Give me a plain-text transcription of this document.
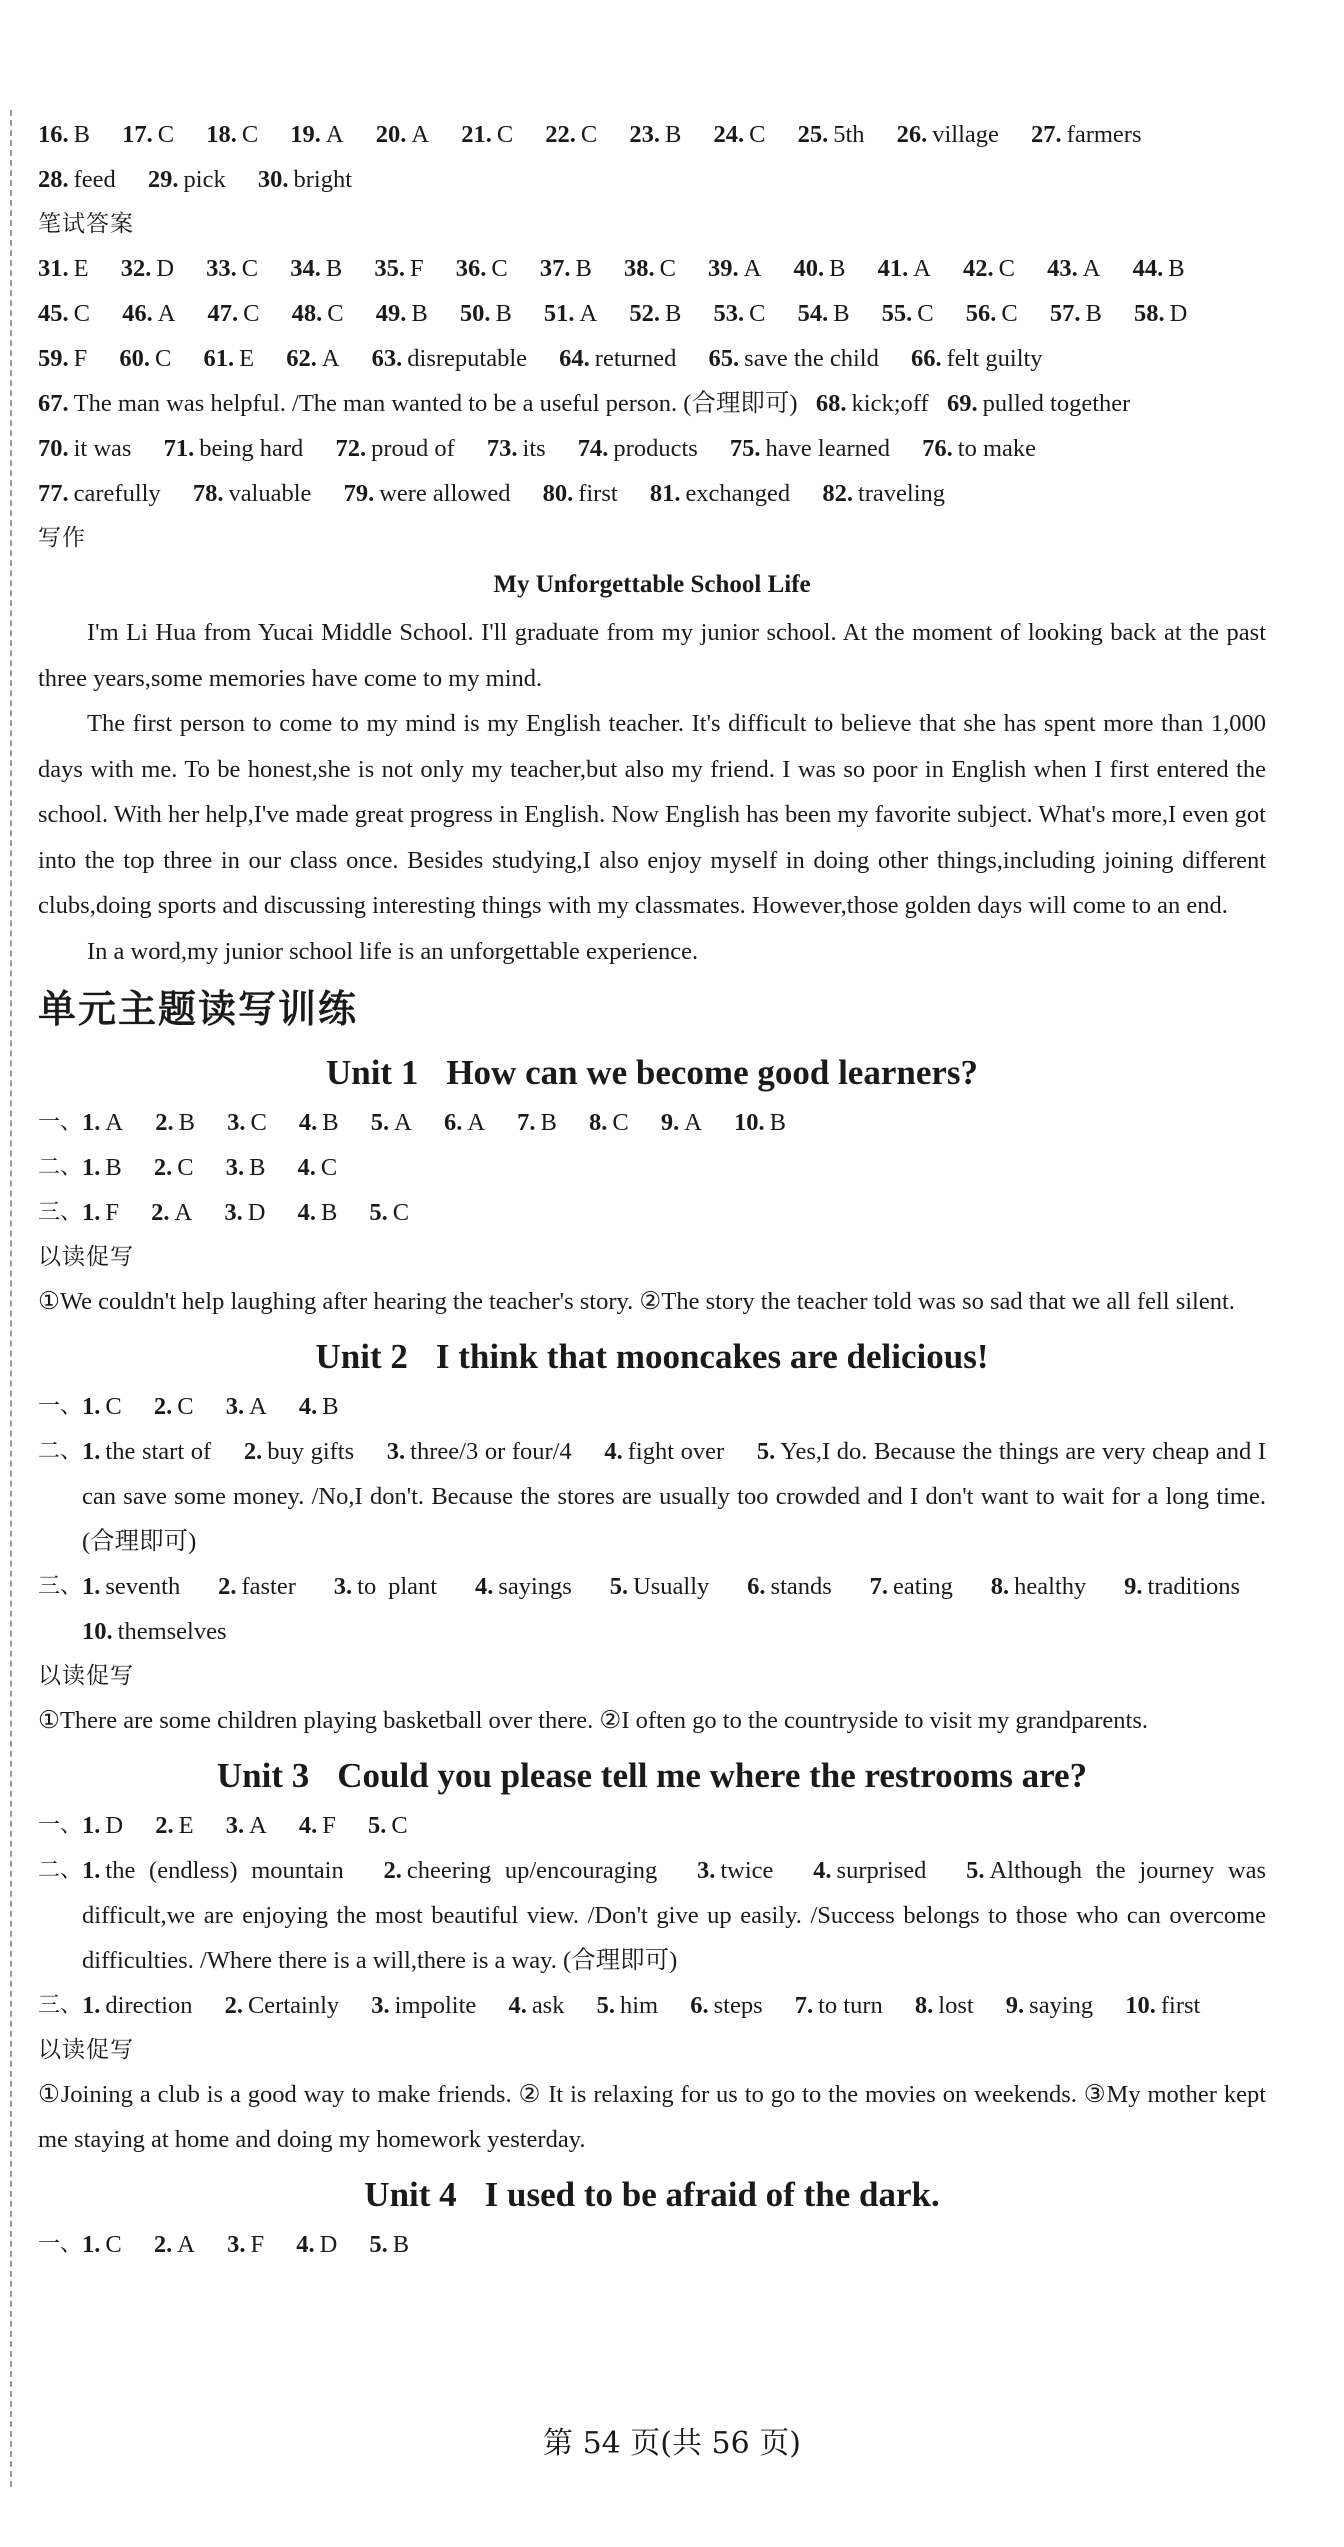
16. B 17. C 18. C 19. A 20. A 21. C 22. C 23. B 24. C 25. 5th 26. village 27. farmers
28. feed 29. pick 30. bright
笔试答案
31. E 32. D 33. C 34. B 35. F 36. C 37. B 38. C 39. A 40. B 41. A 42. C 43. A 44. B
45. C 46. A 47. C 48. C 49. B 50. B 51. A 52. B 53. C 54. B 55. C 56. C 57. B 58. D
59. F 60. C 61. E 62. A 63. disreputable 64. returned 65. save the child 66. felt guilty
67. The man was helpful. /The man wanted to be a useful person. (合理即可) 68. kick;off 69. pulled together
70. it was 71. being hard 72. proud of 73. its 74. products 75. have learned 76. to make
77. carefully 78. valuable 79. were allowed 80. first 81. exchanged 82. traveling
写作
My Unforgettable School Life
I'm Li Hua from Yucai Middle School. I'll graduate from my junior school. At the moment of looking back at the past three years,some memories have come to my mind.
The first person to come to my mind is my English teacher. It's difficult to believe that she has spent more than 1,000 days with me. To be honest,she is not only my teacher,but also my friend. I was so poor in English when I first entered the school. With her help,I've made great progress in English. Now English has been my favorite subject. What's more,I even got into the top three in our class once. Besides studying,I also enjoy myself in doing other things,including joining different clubs,doing sports and discussing interesting things with my classmates. However,those golden days will come to an end.
In a word,my junior school life is an unforgettable experience.
单元主题读写训练
Unit 1 How can we become good learners?
一、 1. A 2. B 3. C 4. B 5. A 6. A 7. B 8. C 9. A 10. B
二、 1. B 2. C 3. B 4. C
三、 1. F 2. A 3. D 4. B 5. C
以读促写
①We couldn't help laughing after hearing the teacher's story. ②The story the teacher told was so sad that we all fell silent.
Unit 2 I think that mooncakes are delicious!
一、 1. C 2. C 3. A 4. B
二、 1. the start of 2. buy gifts 3. three/3 or four/4 4. fight over 5. Yes,I do. Because the things are very cheap and I can save some money. /No,I don't. Because the stores are usually too crowded and I don't want to wait for a long time. (合理即可)
三、 1. seventh 2. faster 3. to plant 4. sayings 5. Usually 6. stands 7. eating 8. healthy 9. traditions 10. themselves
以读促写
①There are some children playing basketball over there. ②I often go to the countryside to visit my grandparents.
Unit 3 Could you please tell me where the restrooms are?
一、 1. D 2. E 3. A 4. F 5. C
二、 1. the (endless) mountain 2. cheering up/encouraging 3. twice 4. surprised 5. Although the journey was difficult,we are enjoying the most beautiful view. /Don't give up easily. /Success belongs to those who can overcome difficulties. /Where there is a will,there is a way. (合理即可)
三、 1. direction 2. Certainly 3. impolite 4. ask 5. him 6. steps 7. to turn 8. lost 9. saying 10. first
以读促写
①Joining a club is a good way to make friends. ② It is relaxing for us to go to the movies on weekends. ③My mother kept me staying at home and doing my homework yesterday.
Unit 4 I used to be afraid of the dark.
一、 1. C 2. A 3. F 4. D 5. B
第 54 页(共 56 页)
